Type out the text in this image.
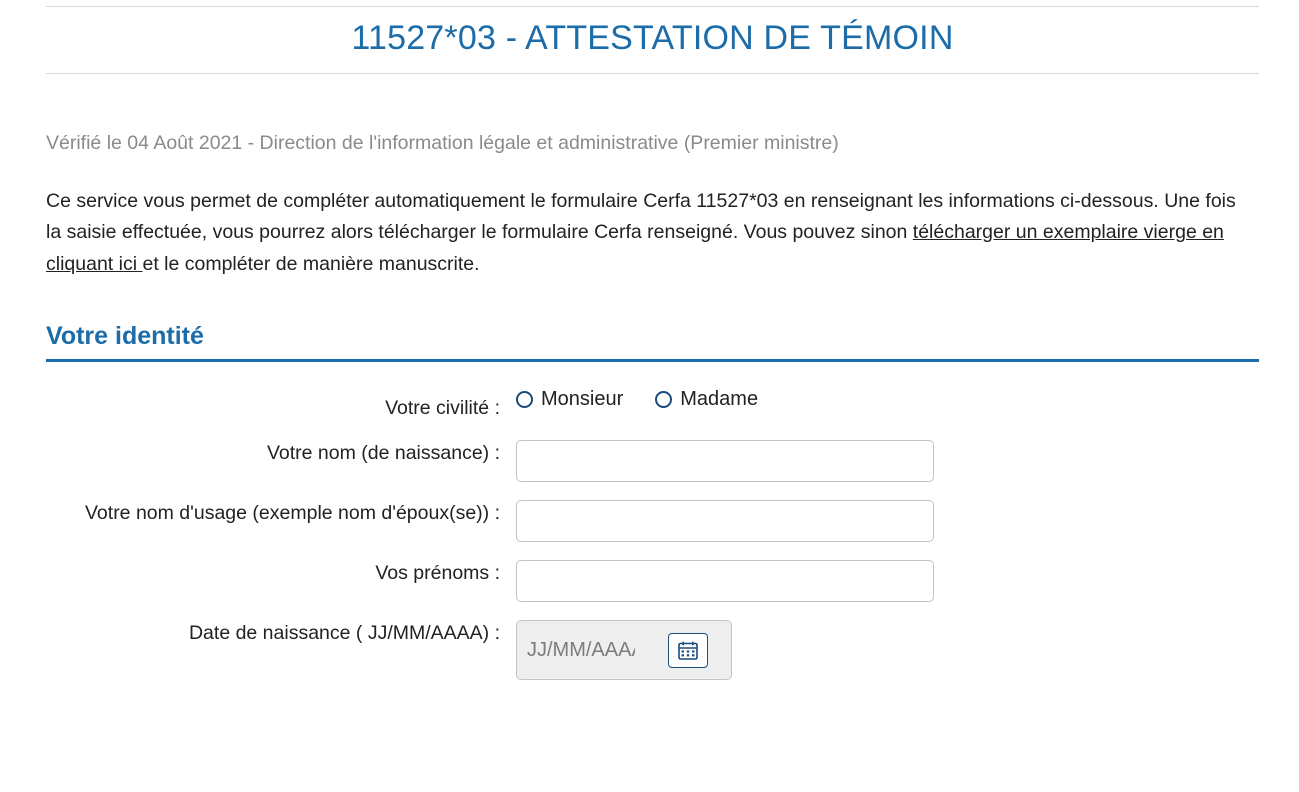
11527*03 - ATTESTATION DE TÉMOIN
Vérifié le 04 Août 2021 - Direction de l'information légale et administrative (Premier ministre)

Ce service vous permet de compléter automatiquement le formulaire Cerfa 11527*03 en renseignant les informations ci-dessous. Une fois la saisie effectuée, vous pourrez alors télécharger le formulaire Cerfa renseigné. Vous pouvez sinon télécharger un exemplaire vierge en cliquant ici et le compléter de manière manuscrite.

Votre identité
Votre civilité :	Monsieur	Madame
Votre nom (de naissance) :
Votre nom d'usage (exemple nom d'époux(se)) :
Vos prénoms :
Date de naissance ( JJ/MM/AAAA) :
JJ/MM/AAAA
